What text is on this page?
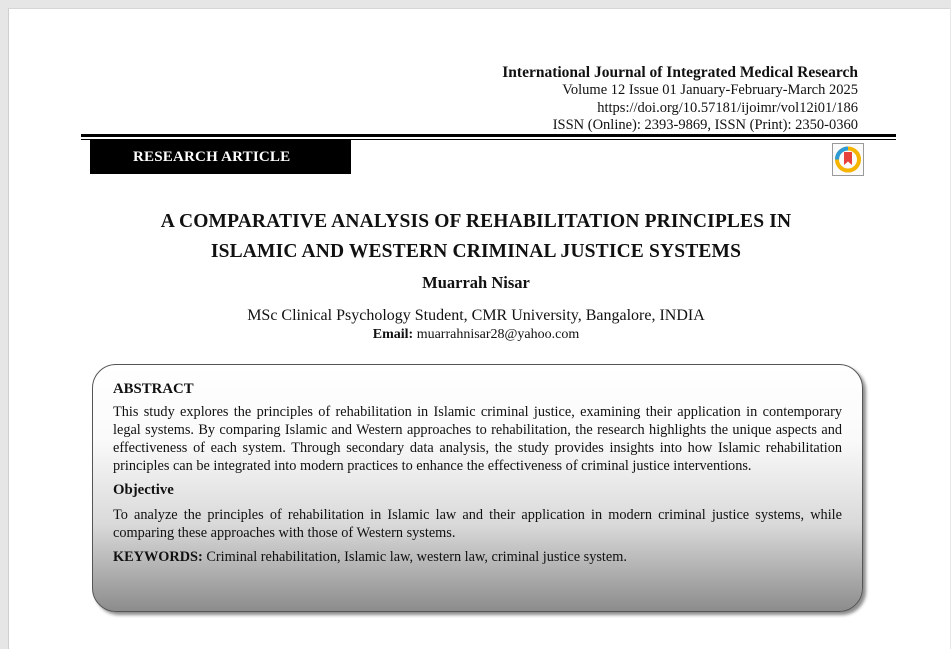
International Journal of Integrated Medical Research
Volume 12 Issue 01 January-February-March 2025
https://doi.org/10.57181/ijoimr/vol12i01/186
ISSN (Online): 2393-9869, ISSN (Print): 2350-0360
RESEARCH ARTICLE
A COMPARATIVE ANALYSIS OF REHABILITATION PRINCIPLES IN
ISLAMIC AND WESTERN CRIMINAL JUSTICE SYSTEMS
Muarrah Nisar
MSc Clinical Psychology Student, CMR University, Bangalore, INDIA
Email: muarrahnisar28@yahoo.com
ABSTRACT

This study explores the principles of rehabilitation in Islamic criminal justice, examining their application in contemporary legal systems. By comparing Islamic and Western approaches to rehabilitation, the research highlights the unique aspects and effectiveness of each system. Through secondary data analysis, the study provides insights into how Islamic rehabilitation principles can be integrated into modern practices to enhance the effectiveness of criminal justice interventions.

Objective

To analyze the principles of rehabilitation in Islamic law and their application in modern criminal justice systems, while comparing these approaches with those of Western systems.

KEYWORDS: Criminal rehabilitation, Islamic law, western law, criminal justice system.
